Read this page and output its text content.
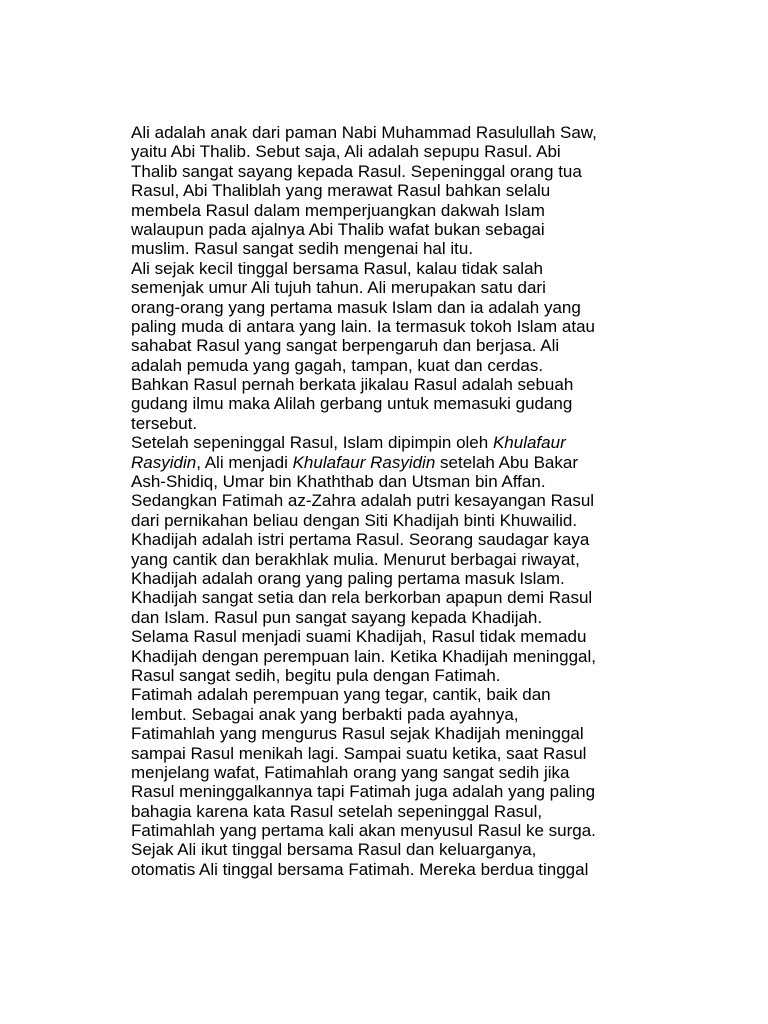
Ali adalah anak dari paman Nabi Muhammad Rasulullah Saw,
yaitu Abi Thalib. Sebut saja, Ali adalah sepupu Rasul. Abi
Thalib sangat sayang kepada Rasul. Sepeninggal orang tua
Rasul, Abi Thaliblah yang merawat Rasul bahkan selalu
membela Rasul dalam memperjuangkan dakwah Islam
walaupun pada ajalnya Abi Thalib wafat bukan sebagai
muslim. Rasul sangat sedih mengenai hal itu.
Ali sejak kecil tinggal bersama Rasul, kalau tidak salah
semenjak umur Ali tujuh tahun. Ali merupakan satu dari
orang-orang yang pertama masuk Islam dan ia adalah yang
paling muda di antara yang lain. Ia termasuk tokoh Islam atau
sahabat Rasul yang sangat berpengaruh dan berjasa. Ali
adalah pemuda yang gagah, tampan, kuat dan cerdas.
Bahkan Rasul pernah berkata jikalau Rasul adalah sebuah
gudang ilmu maka Alilah gerbang untuk memasuki gudang
tersebut.
Setelah sepeninggal Rasul, Islam dipimpin oleh Khulafaur
Rasyidin, Ali menjadi Khulafaur Rasyidin setelah Abu Bakar
Ash-Shidiq, Umar bin Khaththab dan Utsman bin Affan.
Sedangkan Fatimah az-Zahra adalah putri kesayangan Rasul
dari pernikahan beliau dengan Siti Khadijah binti Khuwailid.
Khadijah adalah istri pertama Rasul. Seorang saudagar kaya
yang cantik dan berakhlak mulia. Menurut berbagai riwayat,
Khadijah adalah orang yang paling pertama masuk Islam.
Khadijah sangat setia dan rela berkorban apapun demi Rasul
dan Islam. Rasul pun sangat sayang kepada Khadijah.
Selama Rasul menjadi suami Khadijah, Rasul tidak memadu
Khadijah dengan perempuan lain. Ketika Khadijah meninggal,
Rasul sangat sedih, begitu pula dengan Fatimah.
Fatimah adalah perempuan yang tegar, cantik, baik dan
lembut. Sebagai anak yang berbakti pada ayahnya,
Fatimahlah yang mengurus Rasul sejak Khadijah meninggal
sampai Rasul menikah lagi. Sampai suatu ketika, saat Rasul
menjelang wafat, Fatimahlah orang yang sangat sedih jika
Rasul meninggalkannya tapi Fatimah juga adalah yang paling
bahagia karena kata Rasul setelah sepeninggal Rasul,
Fatimahlah yang pertama kali akan menyusul Rasul ke surga.
Sejak Ali ikut tinggal bersama Rasul dan keluarganya,
otomatis Ali tinggal bersama Fatimah. Mereka berdua tinggal
